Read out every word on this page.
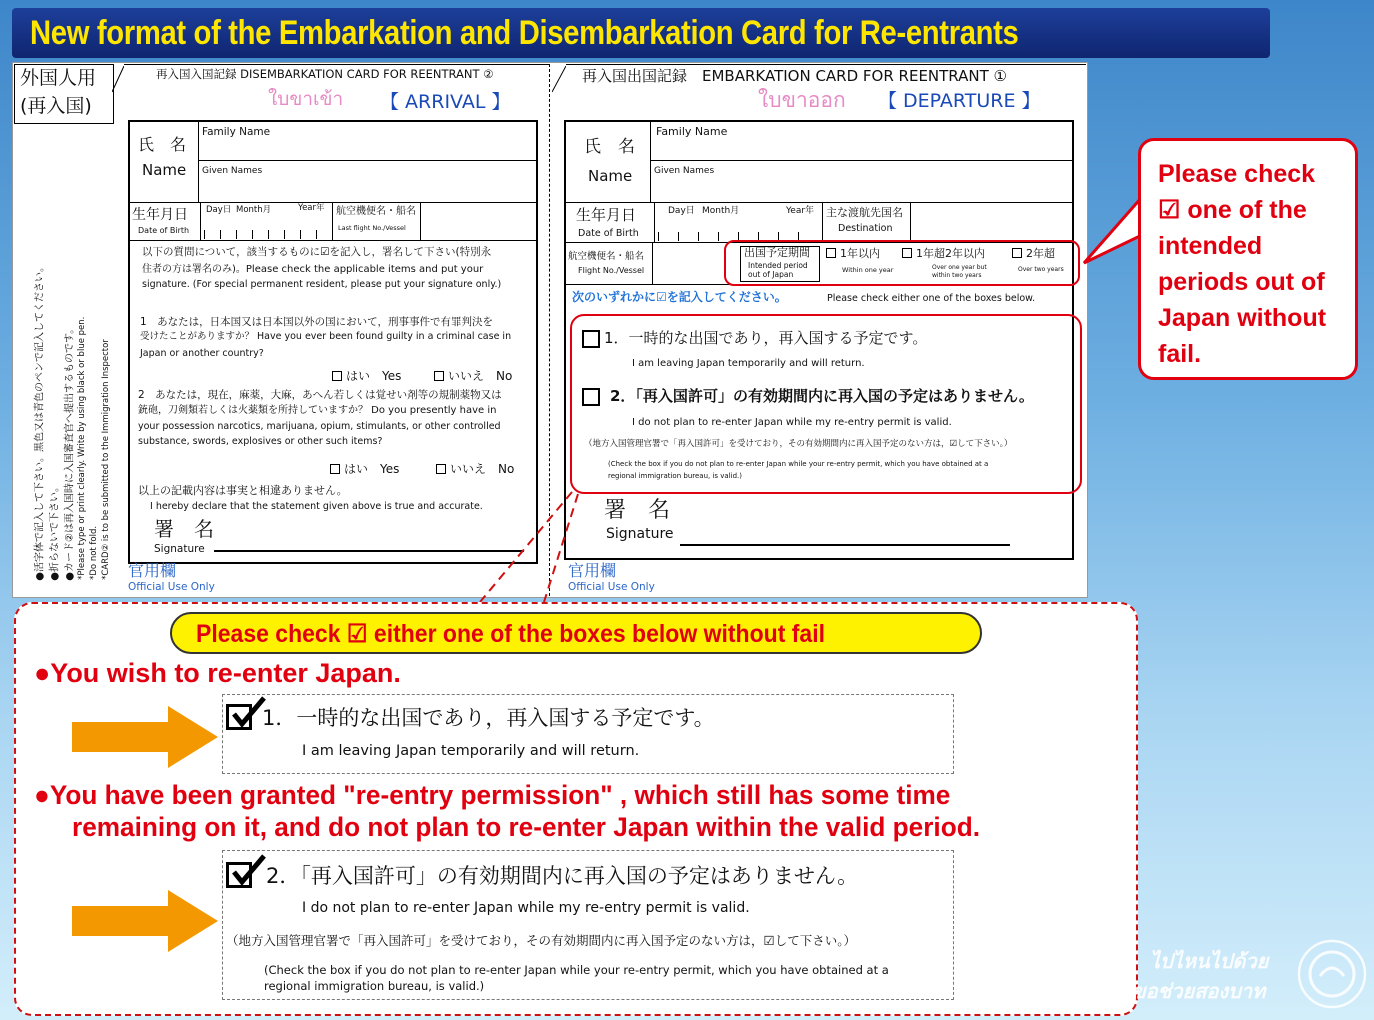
New format of the Embarkation and Disembarkation Card for Re-entrants
外国人用
(再入国)
●活字体で記入して下さい。黒色又は青色のペンで記入してください。 ●折らないで下さい。 ●カード②は再入国時に入国審査官へ提出するものです。 *Please type or print clearly. Write by using black or blue pen. *Do not fold. *CARD② is to be submitted to the Immigration Inspector
再入国入国記録 DISEMBARKATION CARD FOR REENTRANT ②
ใบขาเข้า 【 ARRIVAL 】
氏　名
Name
Family Name
Given Names
生年月日
Date of Birth
Day日 Month月	Year年 航空機便名・船名
Last flight No./Vessel
以下の質問について，該当するものに☑を記入し，署名して下さい(特別永
住者の方は署名のみ)。Please check the applicable items and put your
signature. (For special permanent resident, please put your signature only.)
1　あなたは，日本国又は日本国以外の国において，刑事事件で有罪判決を
受けたことがありますか？ Have you ever been found guilty in a criminal case in
Japan or another country?
はい　Yes	いいえ　No
2　あなたは，現在，麻薬，大麻，あへん若しくは覚せい剤等の規制薬物又は
銃砲，刀剣類若しくは火薬類を所持していますか？ Do you presently have in
your possession narcotics, marijuana, opium, stimulants, or other controlled
substance, swords, explosives or other such items?
はい　Yes	いいえ　No
以上の記載内容は事実と相違ありません。
I hereby declare that the statement given above is true and accurate.
署　名
Signature
官用欄
Official Use Only
再入国出国記録　EMBARKATION CARD FOR REENTRANT ①
ใบขาออก 【 DEPARTURE 】
氏　名
Name
Family Name
Given Names
生年月日
Date of Birth
Day日 Month月	Year年 主な渡航先国名
Destination
航空機便名・船名
Flight No./Vessel
出国予定期間
Intended period out of Japan
1年以内
Within one year
1年超2年以内
Over one year but within two years
2年超
Over two years
次のいずれかに☑を記入してください。	Please check either one of the boxes below.
1．一時的な出国であり，再入国する予定です。
I am leaving Japan temporarily and will return.
2．「再入国許可」の有効期間内に再入国の予定はありません。
I do not plan to re-enter Japan while my re-entry permit is valid.
（地方入国管理官署で「再入国許可」を受けており，その有効期間内に再入国予定のない方は，☑して下さい。）
(Check the box if you do not plan to re-enter Japan while your re-entry permit, which you have obtained at a
regional immigration bureau, is valid.)
署　名
Signature
官用欄
Official Use Only
Please check
☑ one of the
intended
periods out of
Japan without
fail.
Please check ☑ either one of the boxes below without fail
●You wish to re-enter Japan.
1．一時的な出国であり，再入国する予定です。
I am leaving Japan temporarily and will return.
●You have been granted "re-entry permission" , which still has some time
remaining on it, and do not plan to re-enter Japan within the valid period.
2．「再入国許可」の有効期間内に再入国の予定はありません。
I do not plan to re-enter Japan while my re-entry permit is valid.
（地方入国管理官署で「再入国許可」を受けており，その有効期間内に再入国予定のない方は，☑して下さい。）
(Check the box if you do not plan to re-enter Japan while your re-entry permit, which you have obtained at a
regional immigration bureau, is valid.)
ไปไหนไปด้วย
ขอช่วยสองบาท
